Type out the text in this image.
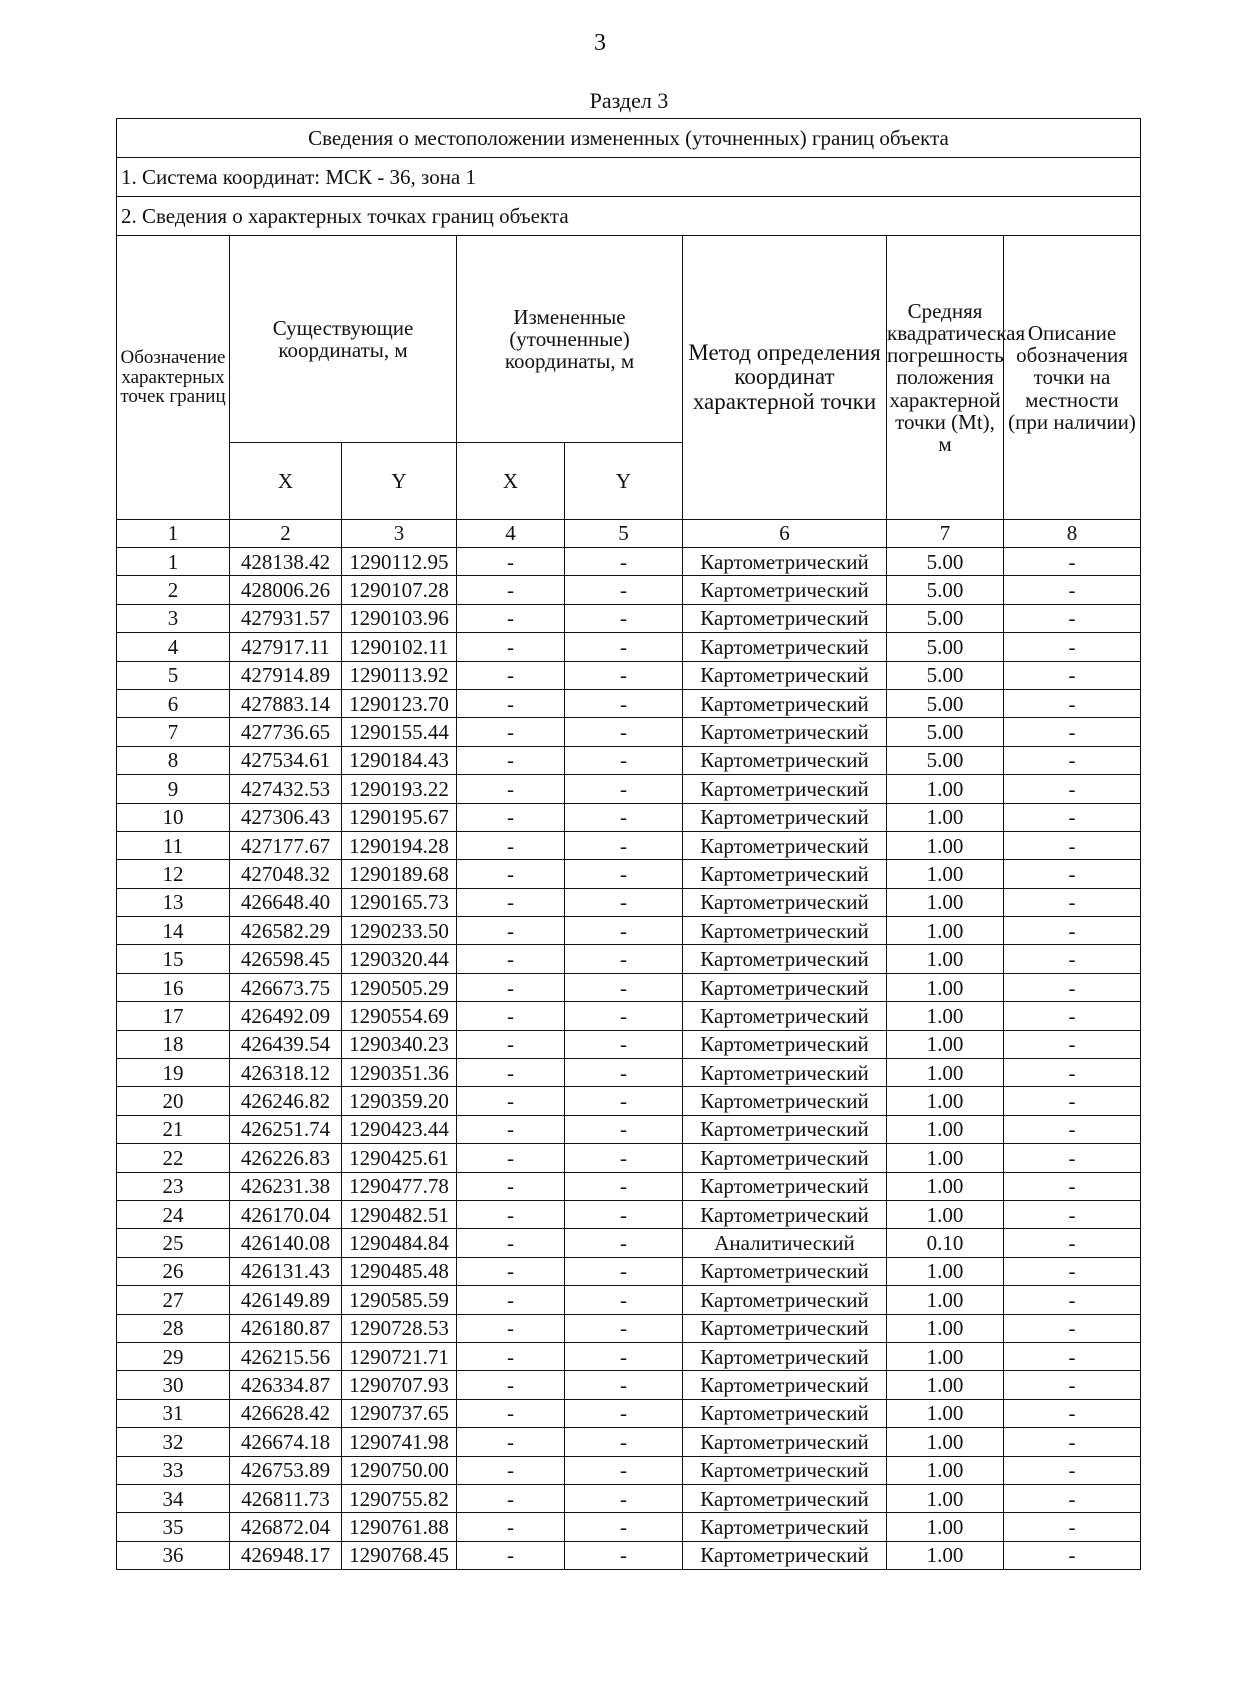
3
Раздел 3
Сведения о местоположении измененных (уточненных) границ объекта							
1. Система координат: МСК - 36, зона 1							
2. Сведения о характерных точках границ объекта							
Обозначение характерных точек границ	Существующие координаты, м		Измененные (уточненные) координаты, м		Метод определения координат характерной точки	Средняя квадратическая погрешность положения характерной точки (Mt), м	Описание обозначения точки на местности (при наличии)
	X	Y	X	Y			
1	2	3	4	5	6	7	8
1	428138.42	1290112.95	-	-	Картометрический	5.00	-
2	428006.26	1290107.28	-	-	Картометрический	5.00	-
3	427931.57	1290103.96	-	-	Картометрический	5.00	-
4	427917.11	1290102.11	-	-	Картометрический	5.00	-
5	427914.89	1290113.92	-	-	Картометрический	5.00	-
6	427883.14	1290123.70	-	-	Картометрический	5.00	-
7	427736.65	1290155.44	-	-	Картометрический	5.00	-
8	427534.61	1290184.43	-	-	Картометрический	5.00	-
9	427432.53	1290193.22	-	-	Картометрический	1.00	-
10	427306.43	1290195.67	-	-	Картометрический	1.00	-
11	427177.67	1290194.28	-	-	Картометрический	1.00	-
12	427048.32	1290189.68	-	-	Картометрический	1.00	-
13	426648.40	1290165.73	-	-	Картометрический	1.00	-
14	426582.29	1290233.50	-	-	Картометрический	1.00	-
15	426598.45	1290320.44	-	-	Картометрический	1.00	-
16	426673.75	1290505.29	-	-	Картометрический	1.00	-
17	426492.09	1290554.69	-	-	Картометрический	1.00	-
18	426439.54	1290340.23	-	-	Картометрический	1.00	-
19	426318.12	1290351.36	-	-	Картометрический	1.00	-
20	426246.82	1290359.20	-	-	Картометрический	1.00	-
21	426251.74	1290423.44	-	-	Картометрический	1.00	-
22	426226.83	1290425.61	-	-	Картометрический	1.00	-
23	426231.38	1290477.78	-	-	Картометрический	1.00	-
24	426170.04	1290482.51	-	-	Картометрический	1.00	-
25	426140.08	1290484.84	-	-	Аналитический	0.10	-
26	426131.43	1290485.48	-	-	Картометрический	1.00	-
27	426149.89	1290585.59	-	-	Картометрический	1.00	-
28	426180.87	1290728.53	-	-	Картометрический	1.00	-
29	426215.56	1290721.71	-	-	Картометрический	1.00	-
30	426334.87	1290707.93	-	-	Картометрический	1.00	-
31	426628.42	1290737.65	-	-	Картометрический	1.00	-
32	426674.18	1290741.98	-	-	Картометрический	1.00	-
33	426753.89	1290750.00	-	-	Картометрический	1.00	-
34	426811.73	1290755.82	-	-	Картометрический	1.00	-
35	426872.04	1290761.88	-	-	Картометрический	1.00	-
36	426948.17	1290768.45	-	-	Картометрический	1.00	-
